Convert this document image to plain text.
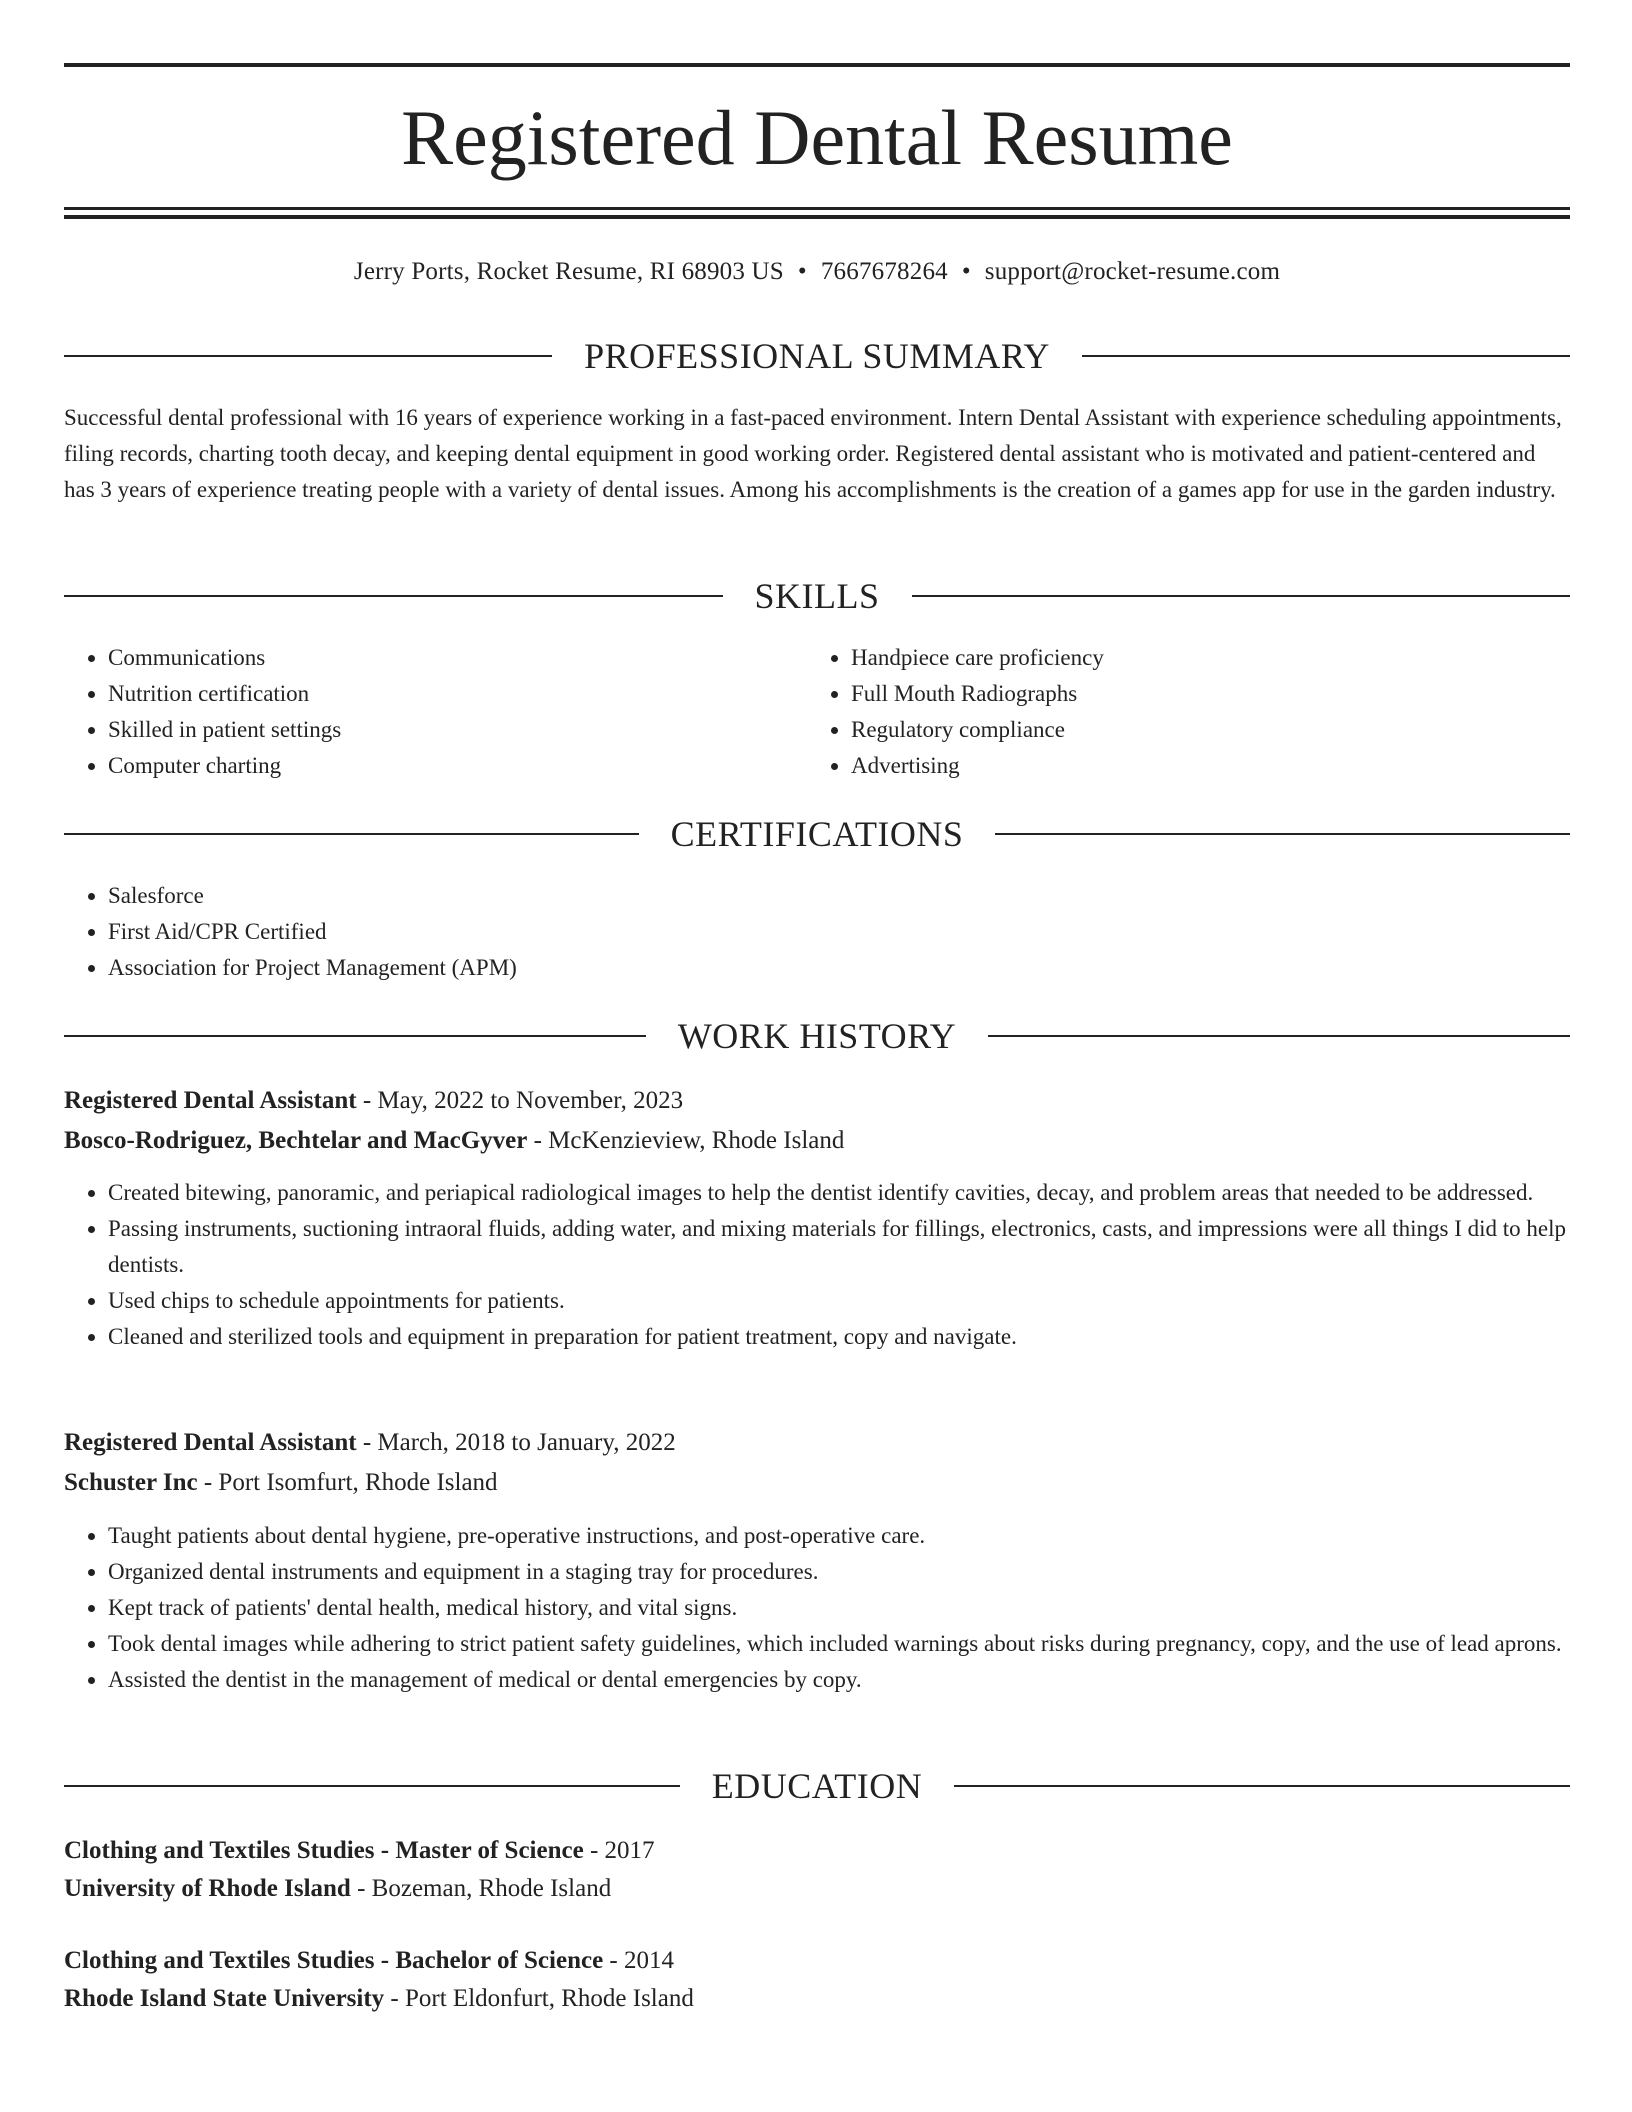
Registered Dental Resume
Jerry Ports, Rocket Resume, RI 68903 US • 7667678264 • support@rocket-resume.com
PROFESSIONAL SUMMARY
Successful dental professional with 16 years of experience working in a fast-paced environment. Intern Dental Assistant with experience scheduling appointments, filing records, charting tooth decay, and keeping dental equipment in good working order. Registered dental assistant who is motivated and patient-centered and has 3 years of experience treating people with a variety of dental issues. Among his accomplishments is the creation of a games app for use in the garden industry.
SKILLS
• Communications
• Nutrition certification
• Skilled in patient settings
• Computer charting
• Handpiece care proficiency
• Full Mouth Radiographs
• Regulatory compliance
• Advertising
CERTIFICATIONS
• Salesforce
• First Aid/CPR Certified
• Association for Project Management (APM)
WORK HISTORY
Registered Dental Assistant - May, 2022 to November, 2023
Bosco-Rodriguez, Bechtelar and MacGyver - McKenzieview, Rhode Island
• Created bitewing, panoramic, and periapical radiological images to help the dentist identify cavities, decay, and problem areas that needed to be addressed.
• Passing instruments, suctioning intraoral fluids, adding water, and mixing materials for fillings, electronics, casts, and impressions were all things I did to help dentists.
• Used chips to schedule appointments for patients.
• Cleaned and sterilized tools and equipment in preparation for patient treatment, copy and navigate.
Registered Dental Assistant - March, 2018 to January, 2022
Schuster Inc - Port Isomfurt, Rhode Island
• Taught patients about dental hygiene, pre-operative instructions, and post-operative care.
• Organized dental instruments and equipment in a staging tray for procedures.
• Kept track of patients' dental health, medical history, and vital signs.
• Took dental images while adhering to strict patient safety guidelines, which included warnings about risks during pregnancy, copy, and the use of lead aprons.
• Assisted the dentist in the management of medical or dental emergencies by copy.
EDUCATION
Clothing and Textiles Studies - Master of Science - 2017
University of Rhode Island - Bozeman, Rhode Island
Clothing and Textiles Studies - Bachelor of Science - 2014
Rhode Island State University - Port Eldonfurt, Rhode Island
